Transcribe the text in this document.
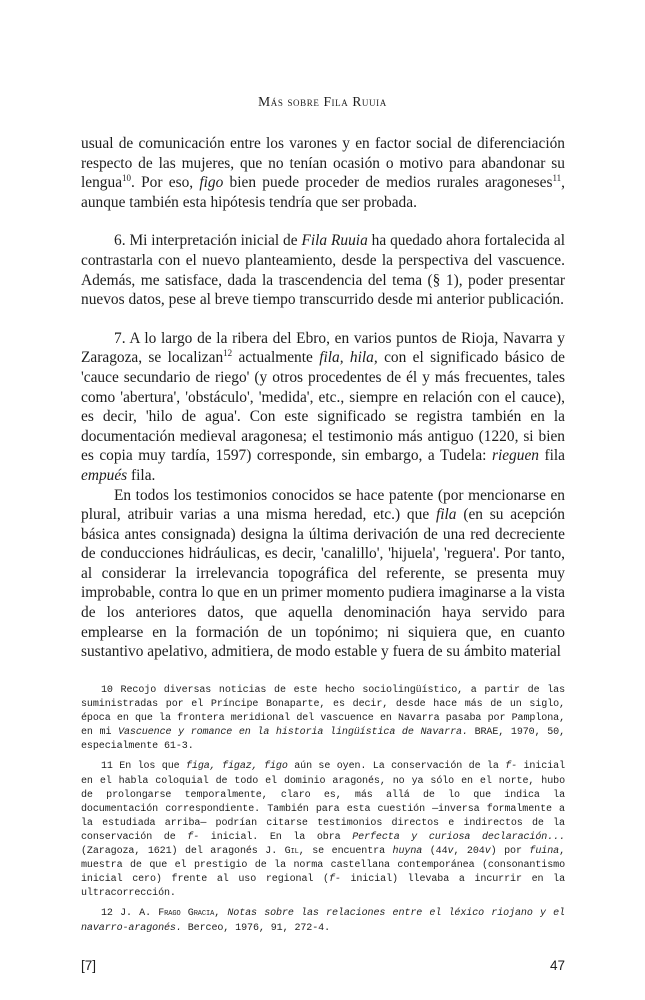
Más sobre Fila Ruuia

usual de comunicación entre los varones y en factor social de diferenciación respecto de las mujeres, que no tenían ocasión o motivo para abandonar su lengua$^{10}$. Por eso, figo bien puede proceder de medios rurales aragoneses$^{11}$, aunque también esta hipótesis tendría que ser probada.

6. Mi interpretación inicial de Fila Ruuia ha quedado ahora fortalecida al contrastarla con el nuevo planteamiento, desde la perspectiva del vascuence. Además, me satisface, dada la trascendencia del tema (§ 1), poder presentar nuevos datos, pese al breve tiempo transcurrido desde mi anterior publicación.

7. A lo largo de la ribera del Ebro, en varios puntos de Rioja, Navarra y Zaragoza, se localizan$^{12}$ actualmente fila, hila, con el significado básico de 'cauce secundario de riego' (y otros procedentes de él y más frecuentes, tales como 'abertura', 'obstáculo', 'medida', etc., siempre en relación con el cauce), es decir, 'hilo de agua'. Con este significado se registra también en la documentación medieval aragonesa; el testimonio más antiguo (1220, si bien es copia muy tardía, 1597) corresponde, sin embargo, a Tudela: rieguen fila empués fila.

En todos los testimonios conocidos se hace patente (por mencionarse en plural, atribuir varias a una misma heredad, etc.) que fila (en su acepción básica antes consignada) designa la última derivación de una red decreciente de conducciones hidráulicas, es decir, 'canalillo', 'hijuela', 'reguera'. Por tanto, al considerar la irrelevancia topográfica del referente, se presenta muy improbable, contra lo que en un primer momento pudiera imaginarse a la vista de los anteriores datos, que aquella denominación haya servido para emplearse en la formación de un topónimo; ni siquiera que, en cuanto sustantivo apelativo, admitiera, de modo estable y fuera de su ámbito material

10 Recojo diversas noticias de este hecho sociolingüístico, a partir de las suministradas por el Príncipe Bonaparte, es decir, desde hace más de un siglo, época en que la frontera meridional del vascuence en Navarra pasaba por Pamplona, en mi Vascuence y romance en la historia lingüística de Navarra. BRAE, 1970, 50, especialmente 61-3.

11 En los que figa, figaz, figo aún se oyen. La conservación de la f- inicial en el habla coloquial de todo el dominio aragonés, no ya sólo en el norte, hubo de prolongarse temporalmente, claro es, más allá de lo que indica la documentación correspondiente. También para esta cuestión —inversa formalmente a la estudiada arriba— podrían citarse testimonios directos e indirectos de la conservación de f- inicial. En la obra Perfecta y curiosa declaración... (Zaragoza, 1621) del aragonés J. Gil, se encuentra huyna (44v, 204v) por fuina, muestra de que el prestigio de la norma castellana contemporánea (consonantismo inicial cero) frente al uso regional (f- inicial) llevaba a incurrir en la ultracorrección.

12 J. A. Frago Gracia, Notas sobre las relaciones entre el léxico riojano y el navarro-aragonés. Berceo, 1976, 91, 272-4.

[7]	47
